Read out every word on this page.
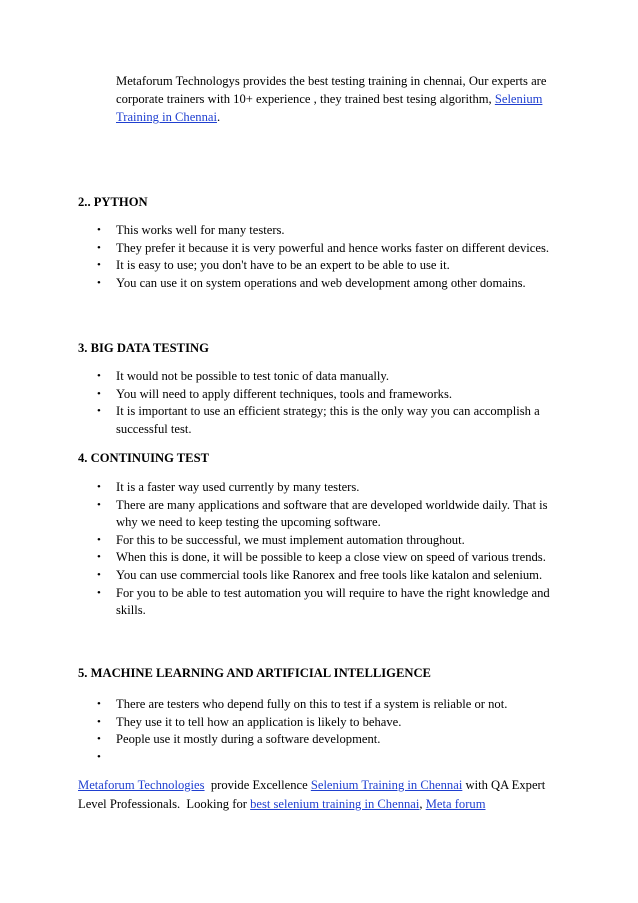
Metaforum Technologys provides the best testing training in chennai, Our experts are corporate trainers with 10+ experience , they trained best tesing algorithm, Selenium Training in Chennai.

2.. PYTHON
• This works well for many testers.
• They prefer it because it is very powerful and hence works faster on different devices.
• It is easy to use; you don't have to be an expert to be able to use it.
• You can use it on system operations and web development among other domains.
3. BIG DATA TESTING
• It would not be possible to test tonic of data manually.
• You will need to apply different techniques, tools and frameworks.
• It is important to use an efficient strategy; this is the only way you can accomplish a successful test.
4. CONTINUING TEST
• It is a faster way used currently by many testers.
• There are many applications and software that are developed worldwide daily. That is why we need to keep testing the upcoming software.
• For this to be successful, we must implement automation throughout.
• When this is done, it will be possible to keep a close view on speed of various trends.
• You can use commercial tools like Ranorex and free tools like katalon and selenium.
• For you to be able to test automation you will require to have the right knowledge and skills.
5. MACHINE LEARNING AND ARTIFICIAL INTELLIGENCE
• There are testers who depend fully on this to test if a system is reliable or not.
• They use it to tell how an application is likely to behave.
• People use it mostly during a software development.
•

Metaforum Technologies  provide Excellence Selenium Training in Chennai with QA Expert Level Professionals.  Looking for best selenium training in Chennai, Meta forum
